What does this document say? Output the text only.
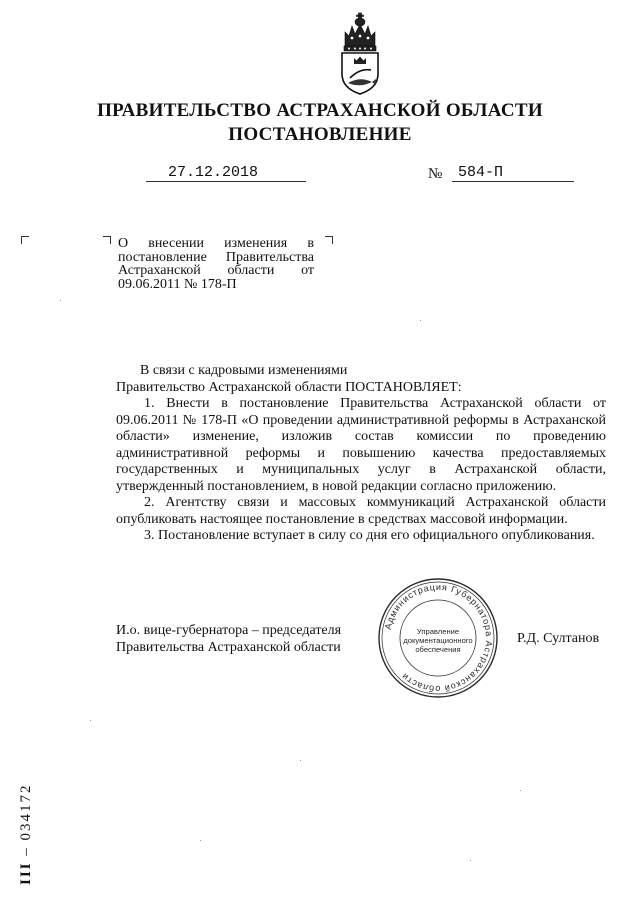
ПРАВИТЕЛЬСТВО АСТРАХАНСКОЙ ОБЛАСТИ
ПОСТАНОВЛЕНИЕ
27.12.2018	№ 584-П
О внесении изменения в постановление Правительства Астраханской области от 09.06.2011 № 178-П

В связи с кадровыми изменениями

Правительство Астраханской области ПОСТАНОВЛЯЕТ:

1. Внести в постановление Правительства Астраханской области от 09.06.2011 № 178-П «О проведении административной реформы в Астраханской области» изменение, изложив состав комиссии по проведению административной реформы и повышению качества предоставляемых государственных и муниципальных услуг в Астраханской области, утвержденный постановлением, в новой редакции согласно приложению.

2. Агентству связи и массовых коммуникаций Астраханской области опубликовать настоящее постановление в средствах массовой информации.

3. Постановление вступает в силу со дня его официального опубликования.

И.о. вице-губернатора – председателя
Правительства Астраханской области
Р.Д. Султанов
Администрация Губернатора Астраханской области
Управление
документационного
обеспечения
III – 034172
